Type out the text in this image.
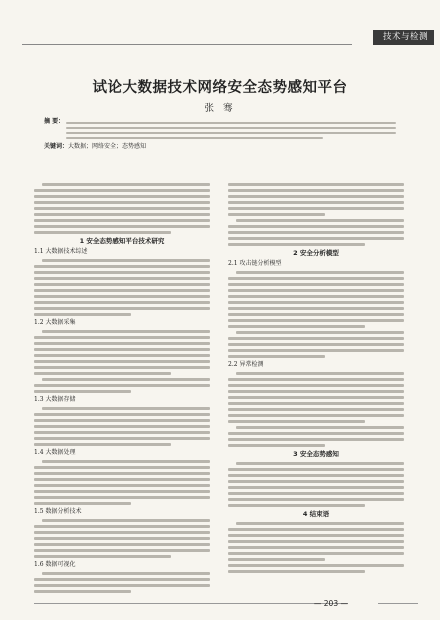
技术与检测
试论大数据技术网络安全态势感知平台
张 骞
摘 要：
关键词：大数据；网络安全；态势感知
1 安全态势感知平台技术研究
1.1 大数据技术综述
1.2 大数据采集
1.3 大数据存储
1.4 大数据处理
1.5 数据分析技术
1.6 数据可视化
2 安全分析模型
2.1 攻击链分析模型
2.2 异常检测
3 安全态势感知
4 结束语
— 203 —
